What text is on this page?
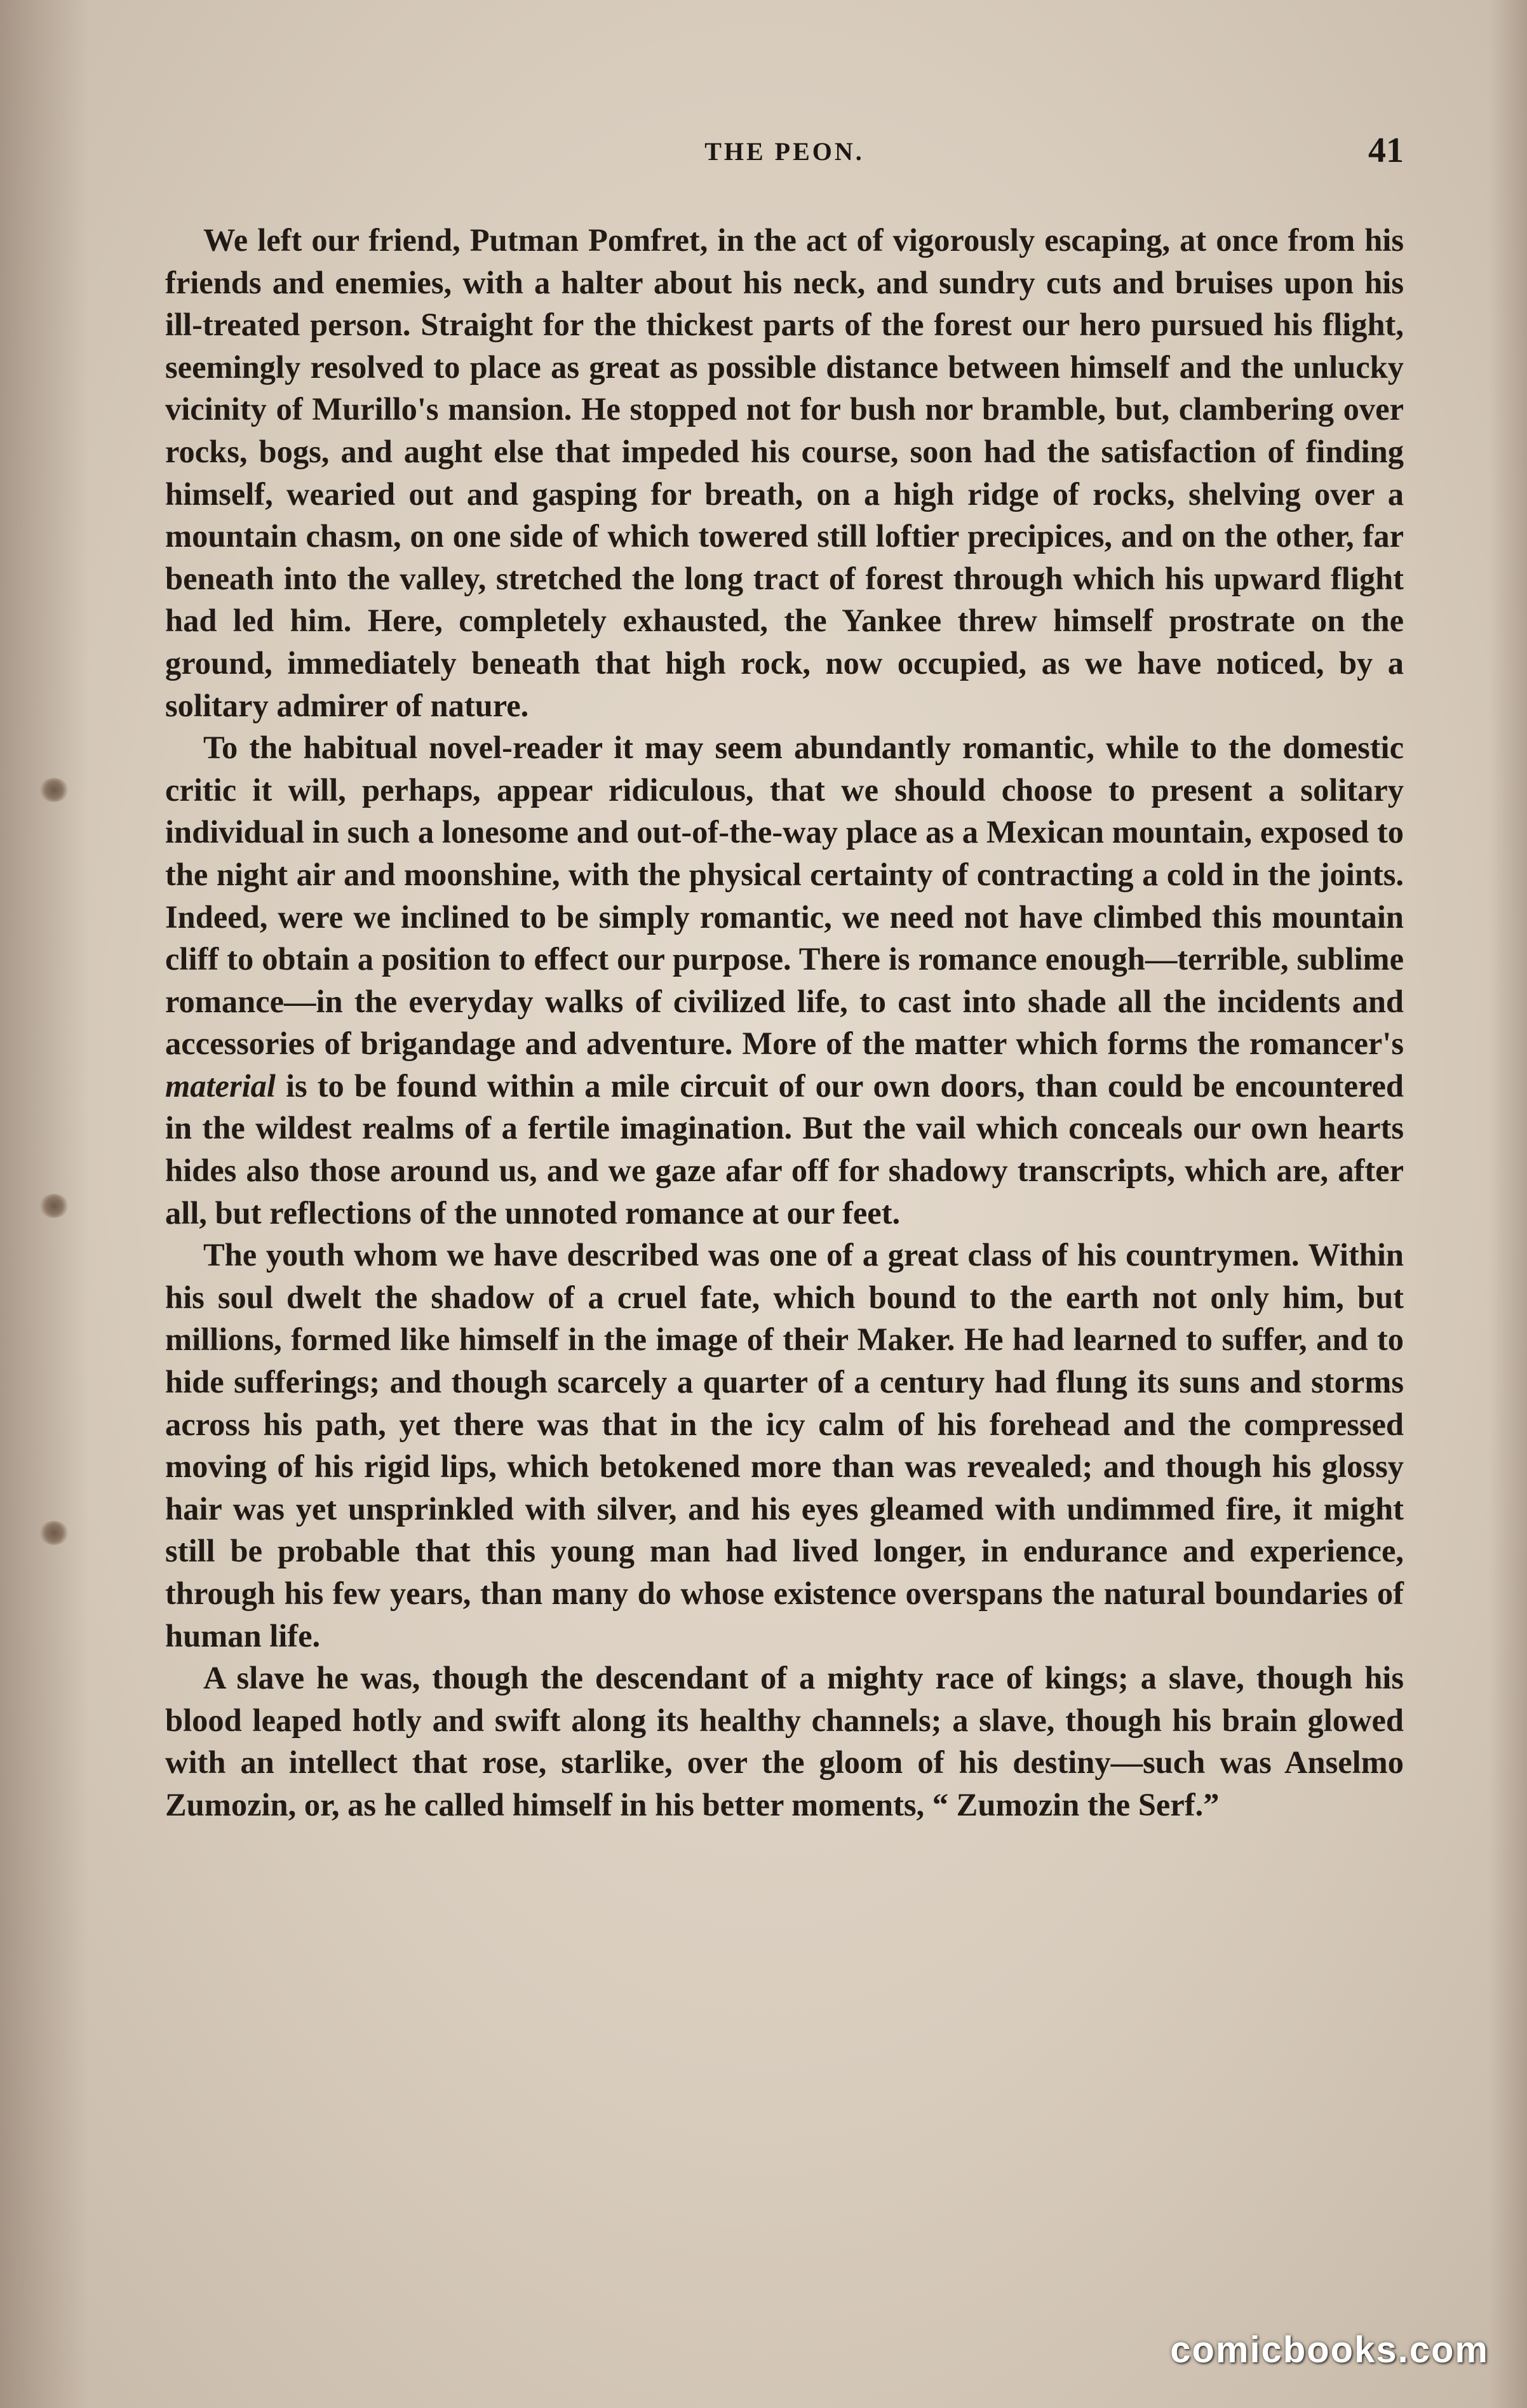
THE PEON.	41

We left our friend, Putman Pomfret, in the act of vigorously escaping, at once from his friends and enemies, with a halter about his neck, and sundry cuts and bruises upon his ill-treated person. Straight for the thickest parts of the forest our hero pursued his flight, seemingly resolved to place as great as possible distance between himself and the unlucky vicinity of Murillo's mansion. He stopped not for bush nor bramble, but, clambering over rocks, bogs, and aught else that impeded his course, soon had the satisfaction of finding himself, wearied out and gasping for breath, on a high ridge of rocks, shelving over a mountain chasm, on one side of which towered still loftier precipices, and on the other, far beneath into the valley, stretched the long tract of forest through which his upward flight had led him. Here, completely exhausted, the Yankee threw himself prostrate on the ground, immediately beneath that high rock, now occupied, as we have noticed, by a solitary admirer of nature.

To the habitual novel-reader it may seem abundantly romantic, while to the domestic critic it will, perhaps, appear ridiculous, that we should choose to present a solitary individual in such a lonesome and out-of-the-way place as a Mexican mountain, exposed to the night air and moonshine, with the physical certainty of contracting a cold in the joints. Indeed, were we inclined to be simply romantic, we need not have climbed this mountain cliff to obtain a position to effect our purpose. There is romance enough—terrible, sublime romance—in the everyday walks of civilized life, to cast into shade all the incidents and accessories of brigandage and adventure. More of the matter which forms the romancer's material is to be found within a mile circuit of our own doors, than could be encountered in the wildest realms of a fertile imagination. But the vail which conceals our own hearts hides also those around us, and we gaze afar off for shadowy transcripts, which are, after all, but reflections of the unnoted romance at our feet.

The youth whom we have described was one of a great class of his countrymen. Within his soul dwelt the shadow of a cruel fate, which bound to the earth not only him, but millions, formed like himself in the image of their Maker. He had learned to suffer, and to hide sufferings; and though scarcely a quarter of a century had flung its suns and storms across his path, yet there was that in the icy calm of his forehead and the compressed moving of his rigid lips, which betokened more than was revealed; and though his glossy hair was yet unsprinkled with silver, and his eyes gleamed with undimmed fire, it might still be probable that this young man had lived longer, in endurance and experience, through his few years, than many do whose existence overspans the natural boundaries of human life.

A slave he was, though the descendant of a mighty race of kings; a slave, though his blood leaped hotly and swift along its healthy channels; a slave, though his brain glowed with an intellect that rose, starlike, over the gloom of his destiny—such was Anselmo Zumozin, or, as he called himself in his better moments, “ Zumozin the Serf.”

comicbooks.com
